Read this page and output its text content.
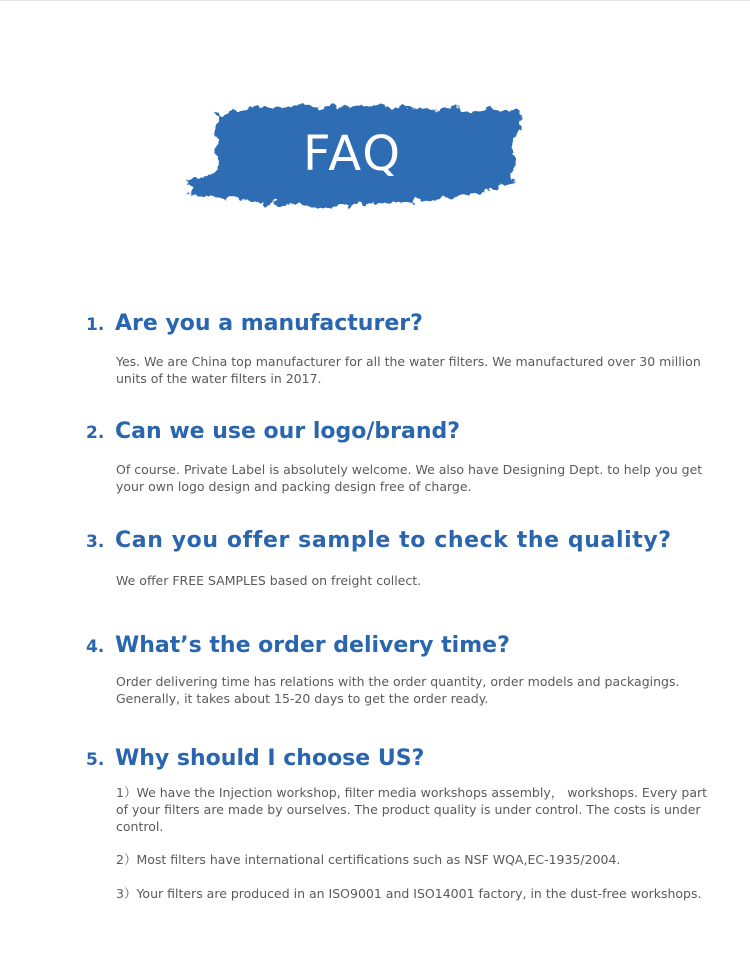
FAQ
1. Are you a manufacturer?
Yes. We are China top manufacturer for all the water filters. We manufactured over 30 million
units of the water filters in 2017.
2. Can we use our logo/brand?
Of course. Private Label is absolutely welcome. We also have Designing Dept. to help you get
your own logo design and packing design free of charge.
3. Can you offer sample to check the quality?
We offer FREE SAMPLES based on freight collect.
4. What’s the order delivery time?
Order delivering time has relations with the order quantity, order models and packagings.
Generally, it takes about 15-20 days to get the order ready.
5. Why should I choose US?
1）We have the Injection workshop, filter media workshops assembly， workshops. Every part
of your filters are made by ourselves. The product quality is under control. The costs is under
control.
2）Most filters have international certifications such as NSF WQA,EC-1935/2004.
3）Your filters are produced in an ISO9001 and ISO14001 factory, in the dust-free workshops.
